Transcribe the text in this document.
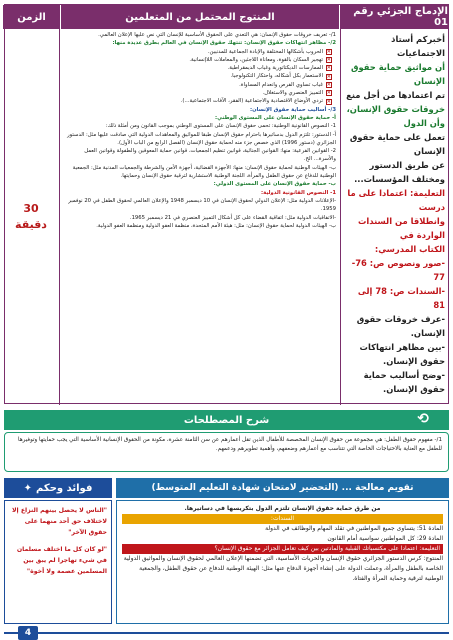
الإدماج الجزئي رقم 01
المنتوج المحتمل من المتعلمين
الزمن
أخبركم أستاذ الاجتماعيات
أن مواثيق حماية حقوق الإنسان
تم اعتمادها من أجل منع
خروقات حقوق الإنسان، وأن الدول
تعمل على حماية حقوق الإنسان
عن طريق الدستور ومختلف المؤسسات...
التعليمة: اعتمادا على ما درست
وانطلاقا من السندات الواردة في
الكتاب المدرسي:
-صور ونصوص ص: 76-77
-السندات ص: 78 إلى 81
-عرف خروقات حقوق الإنسان.
-بين مظاهر انتهاكات حقوق الإنسان.
-وضح أساليب حماية حقوق الإنسان.
1/- تعريف خروقات حقوق الإنسان: هي التعدي على الحقوق الأساسية للإنسان التي نص عليها الإعلان العالمي.
2/- مظاهر انتهاكات حقوق الإنسان: تنتهك حقوق الإنسان في العالم بطرق عديدة منها:
✕
الحروب بأشكالها المختلفة والإبادة الجماعية للمدنيين.
✕
تهجير السكان بالقوة، ومعاناة اللاجئين، والمعاملات اللاإنسانية.
✕
الممارسات الديكتاتورية وغياب الديمقراطية.
✕
الاستعمار بكل أشكاله، واحتكار التكنولوجيا.
✕
غياب تساوي الفرص وانعدام المساواة.
✕
التمييز العنصري والاستغلال.
✕
تردي الأوضاع الاقتصادية والاجتماعية (الفقر، الآفات الاجتماعية...).
3/- أساليب حماية حقوق الإنسان:
أ- حماية حقوق الإنسان على المستوى الوطني:
1- النصوص القانونية الوطنية: تحمى حقوق الإنسان على المستوى الوطني بموجب القانون ومن أمثلة ذلك:
أ- الدستور: تلتزم الدول بدساتيرها باحترام حقوق الإنسان طبقا للمواثيق والمعاهدات الدولية التي صادقت عليها مثل: الدستور الجزائري (دستور 1996) الذي خصص جزء منه لحماية حقوق الإنسان (الفصل الرابع من الباب الأول).
2- القوانين الفرعية: منها: القوانين الجنائية، قوانين تنظيم الجمعيات، قوانين حماية المعوقين والطفولة وقوانين العمل والأسرة... الخ.
ب- الهيئات الوطنية لحماية حقوق الإنسان: منها: الأجهزة القضائية، أجهزة الأمن والشرطة والجمعيات المدنية مثل: الجمعية الوطنية للدفاع عن حقوق الطفل والمرأة، اللجنة الوطنية الاستشارية لترقية حقوق الإنسان وحمايتها.
ب- حماية حقوق الإنسان على المستوى الدولي:
1- النصوص القانونية الدولية:
-الإعلانات الدولية مثل: الإعلان الدولي لحقوق الإنسان في 10 ديسمبر 1948 والإعلان العالمي لحقوق الطفل في 20 نوفمبر 1959.
-الاتفاقيات الدولية مثل: اتفاقية القضاء على كل أشكال التمييز العنصري في 21 ديسمبر 1965.
ب- الهيئات الدولية لحماية حقوق الإنسان: مثل: هيئة الأمم المتحدة، منظمة العفو الدولية ومنظمة العفو الدولية.
30
دقيقة
⟲
شرح المصطلحات
1/- مفهوم حقوق الطفل: هي مجموعة من حقوق الإنسان المخصصة للأطفال الذين تقل أعمارهم عن سن الثامنة عشرة، مكونة من الحقوق الإنسانية الأساسية التي يجب حمايتها وتوفيرها للطفل مع العناية بالاحتياجات الخاصة التي تتناسب مع أعمارهم وضعفهم، وأهمية تطويرهم ودعمهم.
تقويم معالجة ... (التحضير لامتحان شهادة التعليم المتوسط)
من طرق حماية حقوق الإنسان تلتزم الدول بتكريسها في دساتيرها.
السندات:
المادة 51: يتساوى جميع المواطنين في تقلد المهام والوظائف في الدولة
المادة 29: كل المواطنين سواسية أمام القانون
التعليمة: اعتمادا على مكتسباتك القبلية والمادتين بين كيف تعامل الجزائر مع حقوق الإنسان؟
المنتوج: كرس الدستور الجزائري حقوق الإنسان والحريات الأساسية، التي تضمنها الإعلان العالمي لحقوق الإنسان والمواثيق الدولية الخاصة بالطفل والمرأة، وعملت الدولة على إنشاء أجهزة الدفاع عنها مثل: الهيئة الوطنية للدفاع عن حقوق الطفل، والجمعية الوطنية لترقية وحماية المرأة والفتاة.
فوائد وحكم
✦
"الناس لا يحصل بينهم النزاع إلا لاختلاف حق أحد منهما على حقوق الآخر"
"لو كان كل ما اختلف مسلمان في شيء تهاجرا لم يبق بين المسلمين عصمة ولا أخوة"
4
